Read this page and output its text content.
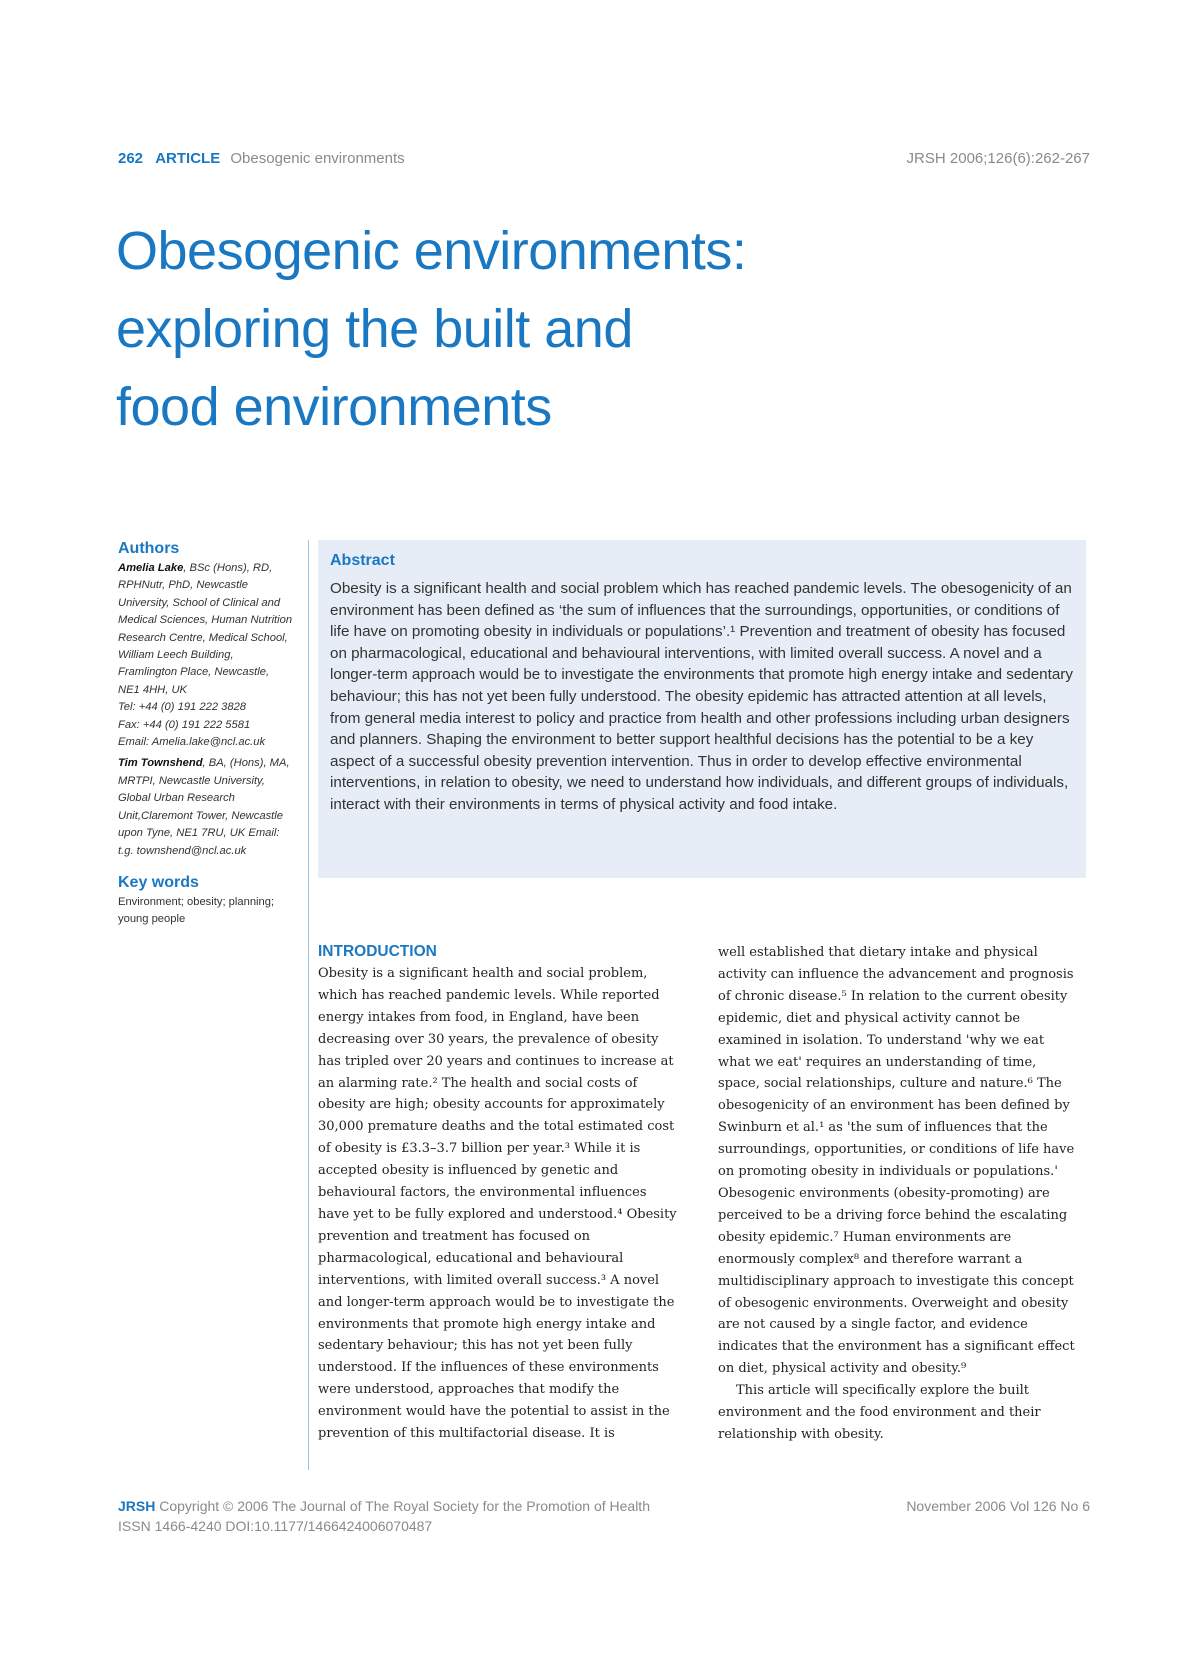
262 ARTICLE Obesogenic environments	JRSH 2006;126(6):262-267
Obesogenic environments:
exploring the built and
food environments
Authors
Amelia Lake, BSc (Hons), RD, RPHNutr, PhD, Newcastle University, School of Clinical and Medical Sciences, Human Nutrition Research Centre, Medical School, William Leech Building, Framlington Place, Newcastle, NE1 4HH, UK
Tel: +44 (0) 191 222 3828
Fax: +44 (0) 191 222 5581
Email: Amelia.lake@ncl.ac.uk
Tim Townshend, BA, (Hons), MA, MRTPI, Newcastle University, Global Urban Research Unit,Claremont Tower, Newcastle upon Tyne, NE1 7RU, UK Email: t.g. townshend@ncl.ac.uk
Key words
Environment; obesity; planning; young people
Abstract

Obesity is a significant health and social problem which has reached pandemic levels. The obesogenicity of an environment has been defined as ‘the sum of influences that the surroundings, opportunities, or conditions of life have on promoting obesity in individuals or populations’.¹ Prevention and treatment of obesity has focused on pharmacological, educational and behavioural interventions, with limited overall success. A novel and a longer-term approach would be to investigate the environments that promote high energy intake and sedentary behaviour; this has not yet been fully understood. The obesity epidemic has attracted attention at all levels, from general media interest to policy and practice from health and other professions including urban designers and planners. Shaping the environment to better support healthful decisions has the potential to be a key aspect of a successful obesity prevention intervention. Thus in order to develop effective environmental interventions, in relation to obesity, we need to understand how individuals, and different groups of individuals, interact with their environments in terms of physical activity and food intake.

INTRODUCTION

Obesity is a significant health and social problem, which has reached pandemic levels. While reported energy intakes from food, in England, have been decreasing over 30 years, the prevalence of obesity has tripled over 20 years and continues to increase at an alarming rate.² The health and social costs of obesity are high; obesity accounts for approximately 30,000 premature deaths and the total estimated cost of obesity is £3.3–3.7 billion per year.³ While it is accepted obesity is influenced by genetic and behavioural factors, the environmental influences have yet to be fully explored and understood.⁴ Obesity prevention and treatment has focused on pharmacological, educational and behavioural interventions, with limited overall success.³ A novel and longer-term approach would be to investigate the environments that promote high energy intake and sedentary behaviour; this has not yet been fully understood. If the influences of these environments were understood, approaches that modify the environment would have the potential to assist in the prevention of this multifactorial disease. It is

well established that dietary intake and physical activity can influence the advancement and prognosis of chronic disease.⁵ In relation to the current obesity epidemic, diet and physical activity cannot be examined in isolation. To understand 'why we eat what we eat' requires an understanding of time, space, social relationships, culture and nature.⁶ The obesogenicity of an environment has been defined by Swinburn et al.¹ as 'the sum of influences that the surroundings, opportunities, or conditions of life have on promoting obesity in individuals or populations.' Obesogenic environments (obesity-promoting) are perceived to be a driving force behind the escalating obesity epidemic.⁷ Human environments are enormously complex⁸ and therefore warrant a multidisciplinary approach to investigate this concept of obesogenic environments. Overweight and obesity are not caused by a single factor, and evidence indicates that the environment has a significant effect on diet, physical activity and obesity.⁹

This article will specifically explore the built environment and the food environment and their relationship with obesity.

JRSH Copyright © 2006 The Journal of The Royal Society for the Promotion of Health
ISSN 1466-4240 DOI:10.1177/1466424006070487
November 2006 Vol 126 No 6
